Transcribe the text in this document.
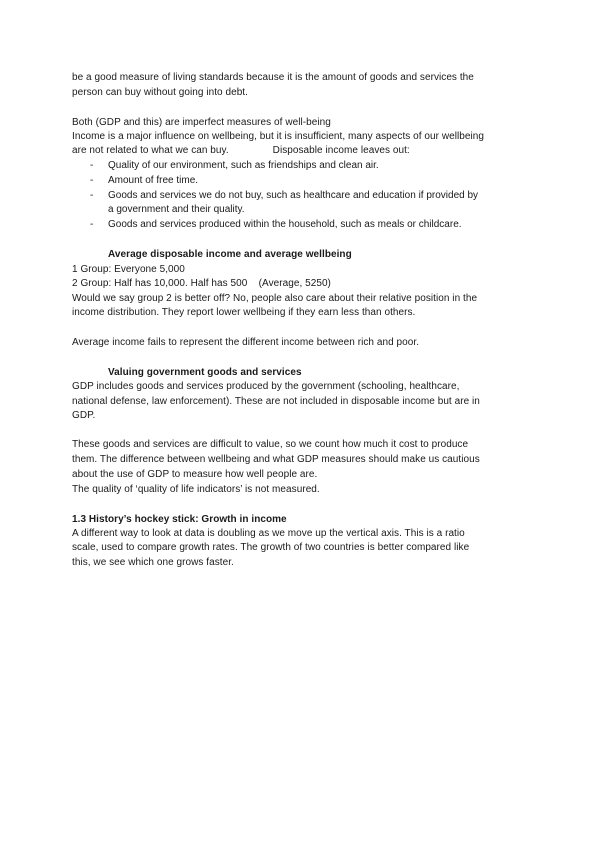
be a good measure of living standards because it is the amount of goods and services the
person can buy without going into debt.
Both (GDP and this) are imperfect measures of well-being
Income is a major influence on wellbeing, but it is insufficient, many aspects of our wellbeing
are not related to what we can buy.	Disposable income leaves out:
- Quality of our environment, such as friendships and clean air.
- Amount of free time.
- Goods and services we do not buy, such as healthcare and education if provided by
a government and their quality.
- Goods and services produced within the household, such as meals or childcare.
Average disposable income and average wellbeing
1 Group: Everyone 5,000
2 Group: Half has 10,000. Half has 500    (Average, 5250)
Would we say group 2 is better off? No, people also care about their relative position in the
income distribution. They report lower wellbeing if they earn less than others.
Average income fails to represent the different income between rich and poor.
Valuing government goods and services
GDP includes goods and services produced by the government (schooling, healthcare,
national defense, law enforcement). These are not included in disposable income but are in
GDP.
These goods and services are difficult to value, so we count how much it cost to produce
them. The difference between wellbeing and what GDP measures should make us cautious
about the use of GDP to measure how well people are.
The quality of ‘quality of life indicators’ is not measured.
1.3 History’s hockey stick: Growth in income
A different way to look at data is doubling as we move up the vertical axis. This is a ratio
scale, used to compare growth rates. The growth of two countries is better compared like
this, we see which one grows faster.
